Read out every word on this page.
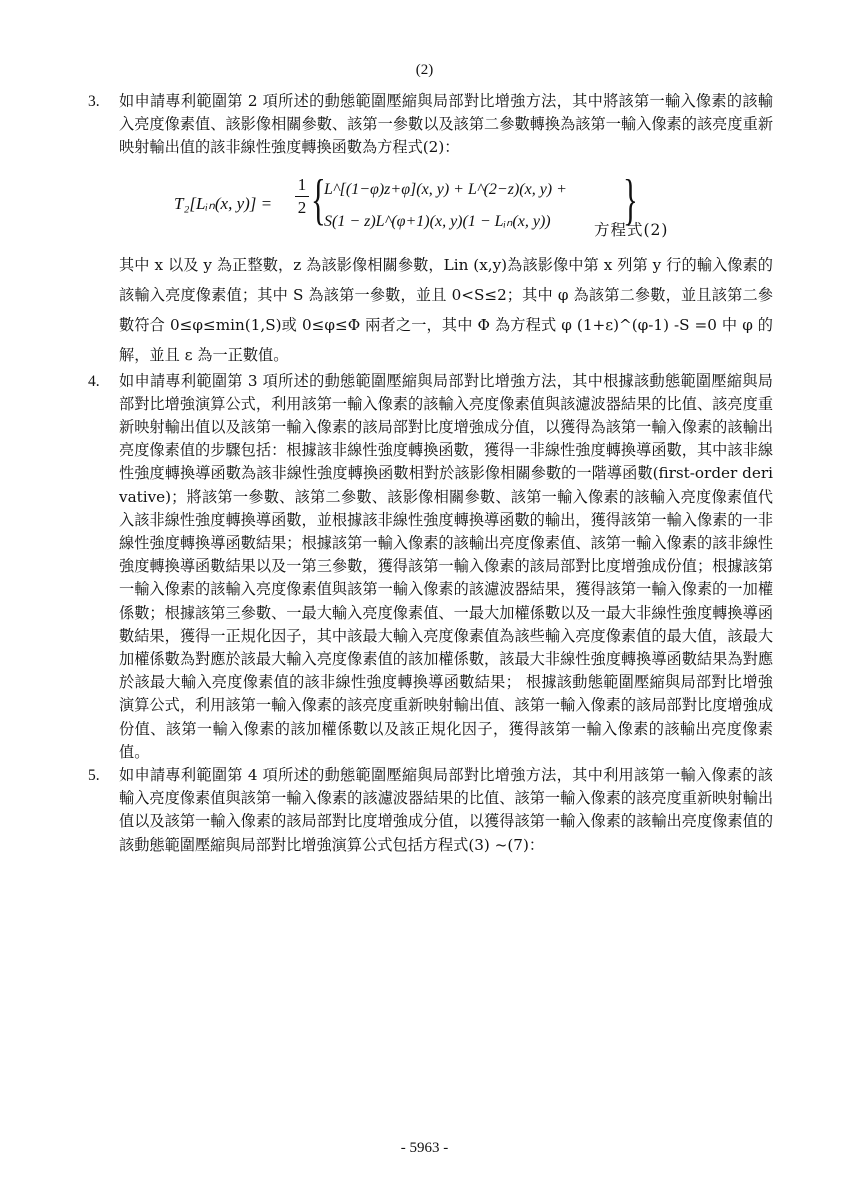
(2)
3. 如申請專利範圍第 2 項所述的動態範圍壓縮與局部對比增強方法，其中將該第一輸入像素的該輸入亮度像素值、該影像相關參數、該第一參數以及該第二參數轉換為該第一輸入像素的該亮度重新映射輸出值的該非線性強度轉換函數為方程式(2)：
T₂[Lᵢₙ(x, y)] =
1
2 {
L^[(1−φ)z+φ](x, y) + L^(2−z)(x, y) +
S(1 − z)L^(φ+1)(x, y)(1 − Lᵢₙ(x, y)) }
方程式(2)
其中 x 以及 y 為正整數，z 為該影像相關參數，Lin (x,y)為該影像中第 x 列第 y 行的輸入像素的該輸入亮度像素值；其中 S 為該第一參數，並且 0<S≤2；其中 φ 為該第二參數，並且該第二參數符合 0≤φ≤min(1,S)或 0≤φ≤Φ 兩者之一，其中 Φ 為方程式 φ (1+ε)^(φ-1) -S =0 中 φ 的解，並且 ε 為一正數值。
4. 如申請專利範圍第 3 項所述的動態範圍壓縮與局部對比增強方法，其中根據該動態範圍壓縮與局部對比增強演算公式，利用該第一輸入像素的該輸入亮度像素值與該濾波器結果的比值、該亮度重新映射輸出值以及該第一輸入像素的該局部對比度增強成分值，以獲得為該第一輸入像素的該輸出亮度像素值的步驟包括：根據該非線性強度轉換函數，獲得一非線性強度轉換導函數，其中該非線性強度轉換導函數為該非線性強度轉換函數相對於該影像相關參數的一階導函數(first-order derivative)；將該第一參數、該第二參數、該影像相關參數、該第一輸入像素的該輸入亮度像素值代入該非線性強度轉換導函數，並根據該非線性強度轉換導函數的輸出，獲得該第一輸入像素的一非線性強度轉換導函數結果；根據該第一輸入像素的該輸出亮度像素值、該第一輸入像素的該非線性強度轉換導函數結果以及一第三參數，獲得該第一輸入像素的該局部對比度增強成份值；根據該第一輸入像素的該輸入亮度像素值與該第一輸入像素的該濾波器結果，獲得該第一輸入像素的一加權係數；根據該第三參數、一最大輸入亮度像素值、一最大加權係數以及一最大非線性強度轉換導函數結果，獲得一正規化因子，其中該最大輸入亮度像素值為該些輸入亮度像素值的最大值，該最大加權係數為對應於該最大輸入亮度像素值的該加權係數，該最大非線性強度轉換導函數結果為對應於該最大輸入亮度像素值的該非線性強度轉換導函數結果； 根據該動態範圍壓縮與局部對比增強演算公式，利用該第一輸入像素的該亮度重新映射輸出值、該第一輸入像素的該局部對比度增強成份值、該第一輸入像素的該加權係數以及該正規化因子，獲得該第一輸入像素的該輸出亮度像素值。
5. 如申請專利範圍第 4 項所述的動態範圍壓縮與局部對比增強方法，其中利用該第一輸入像素的該輸入亮度像素值與該第一輸入像素的該濾波器結果的比值、該第一輸入像素的該亮度重新映射輸出值以及該第一輸入像素的該局部對比度增強成分值，以獲得該第一輸入像素的該輸出亮度像素值的該動態範圍壓縮與局部對比增強演算公式包括方程式(3) ~(7)：
- 5963 -
